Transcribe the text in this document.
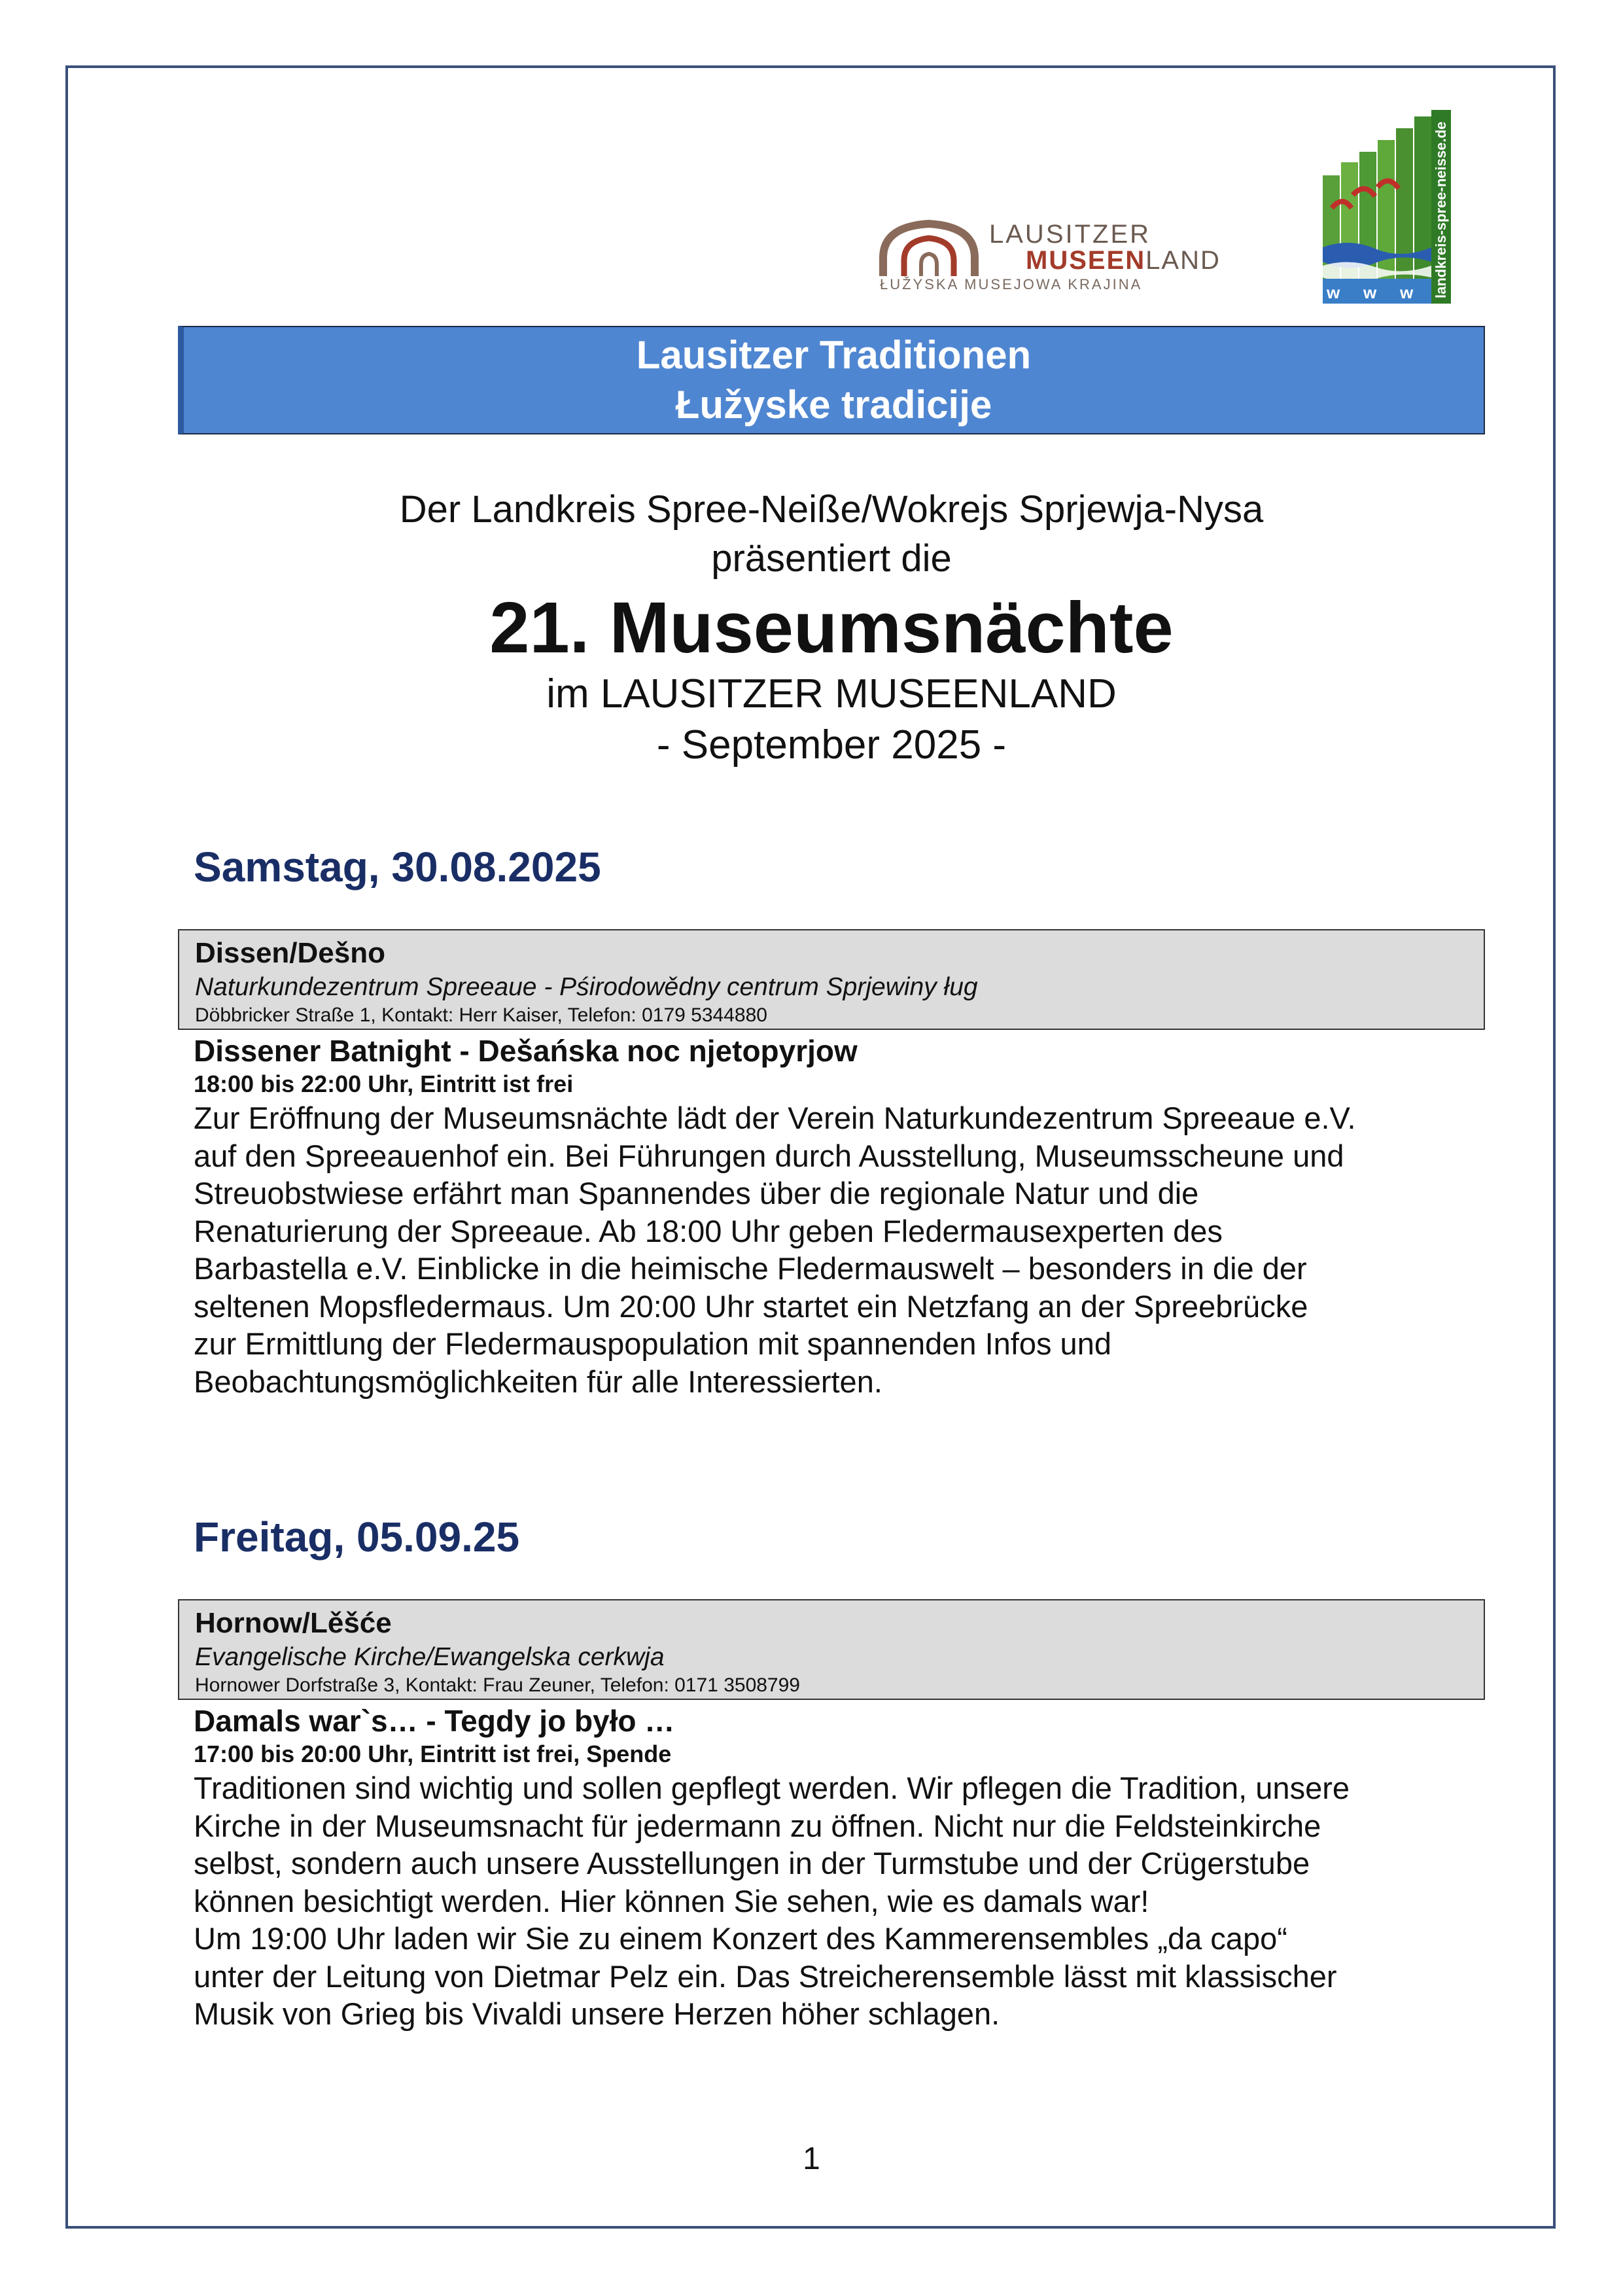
LAUSITZER
MUSEENLAND
ŁUŽYSKA MUSEJOWA KRAJINA	w w w landkreis-spree-neisse.de
Lausitzer Traditionen
Łužyske tradicije
Der Landkreis Spree-Neiße/Wokrejs Sprjewja-Nysa
präsentiert die
21. Museumsnächte
im LAUSITZER MUSEENLAND
- September 2025 -
Samstag, 30.08.2025
Dissen/Dešno
Naturkundezentrum Spreeaue - Pśirodowědny centrum Sprjewiny ług
Döbbricker Straße 1, Kontakt: Herr Kaiser, Telefon: 0179 5344880
Dissener Batnight - Dešańska noc njetopyrjow
18:00 bis 22:00 Uhr, Eintritt ist frei

Zur Eröffnung der Museumsnächte lädt der Verein Naturkundezentrum Spreeaue e.V.

auf den Spreeauenhof ein. Bei Führungen durch Ausstellung, Museumsscheune und

Streuobstwiese erfährt man Spannendes über die regionale Natur und die

Renaturierung der Spreeaue. Ab 18:00 Uhr geben Fledermausexperten des

Barbastella e.V. Einblicke in die heimische Fledermauswelt – besonders in die der

seltenen Mopsfledermaus. Um 20:00 Uhr startet ein Netzfang an der Spreebrücke

zur Ermittlung der Fledermauspopulation mit spannenden Infos und

Beobachtungsmöglichkeiten für alle Interessierten.

Freitag, 05.09.25
Hornow/Lěšće
Evangelische Kirche/Ewangelska cerkwja
Hornower Dorfstraße 3, Kontakt: Frau Zeuner, Telefon: 0171 3508799
Damals war`s… - Tegdy jo było …
17:00 bis 20:00 Uhr, Eintritt ist frei, Spende

Traditionen sind wichtig und sollen gepflegt werden. Wir pflegen die Tradition, unsere

Kirche in der Museumsnacht für jedermann zu öffnen. Nicht nur die Feldsteinkirche

selbst, sondern auch unsere Ausstellungen in der Turmstube und der Crügerstube

können besichtigt werden. Hier können Sie sehen, wie es damals war!

Um 19:00 Uhr laden wir Sie zu einem Konzert des Kammerensembles „da capo“

unter der Leitung von Dietmar Pelz ein. Das Streicherensemble lässt mit klassischer

Musik von Grieg bis Vivaldi unsere Herzen höher schlagen.

1
